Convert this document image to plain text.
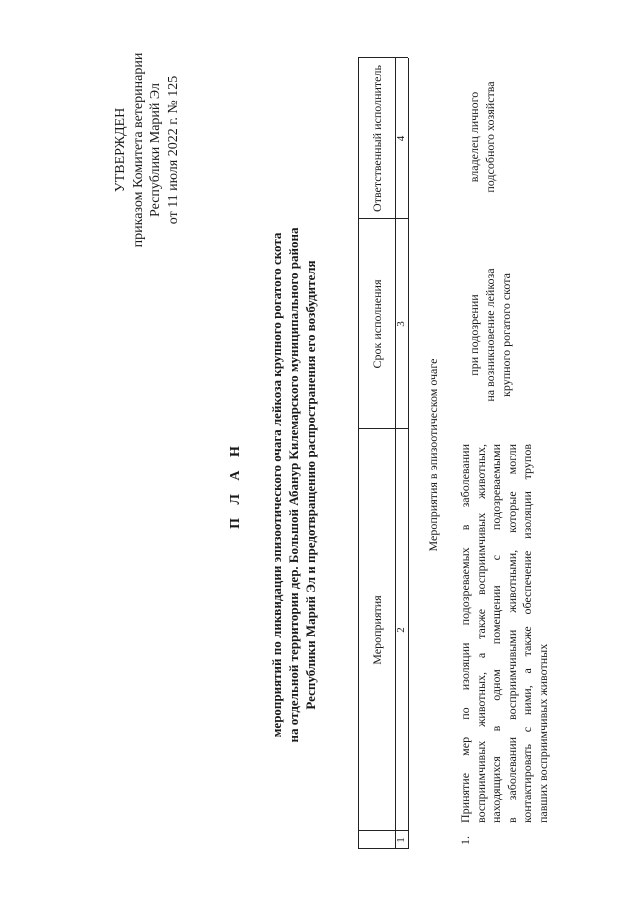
УТВЕРЖДЕН приказом Комитета ветеринарии Республики Марий Эл от 11 июля 2022 г. № 125
П Л А Н мероприятий по ликвидации эпизоотического очага лейкоза крупного рогатого скота на отдельной территории дер. Большой Абанур Килемарского муниципального района Республики Марий Эл и предотвращению распространения его возбудителя	Мероприятия
Срок исполнения
Ответственный исполнитель
1
2
3
4
Мероприятия в эпизоотическом очаге
1.
Принятие мер по изоляции подозреваемых в заболевании восприимчивых животных, а также восприимчивых животных, находящихся в одном помещении с подозреваемыми в заболевании восприимчивыми животными, которые могли контактировать с ними, а также обеспечение изоляции трупов павших восприимчивых животных
при подозрении на возникновение лейкоза крупного рогатого скота
владелец личного подсобного хозяйства
